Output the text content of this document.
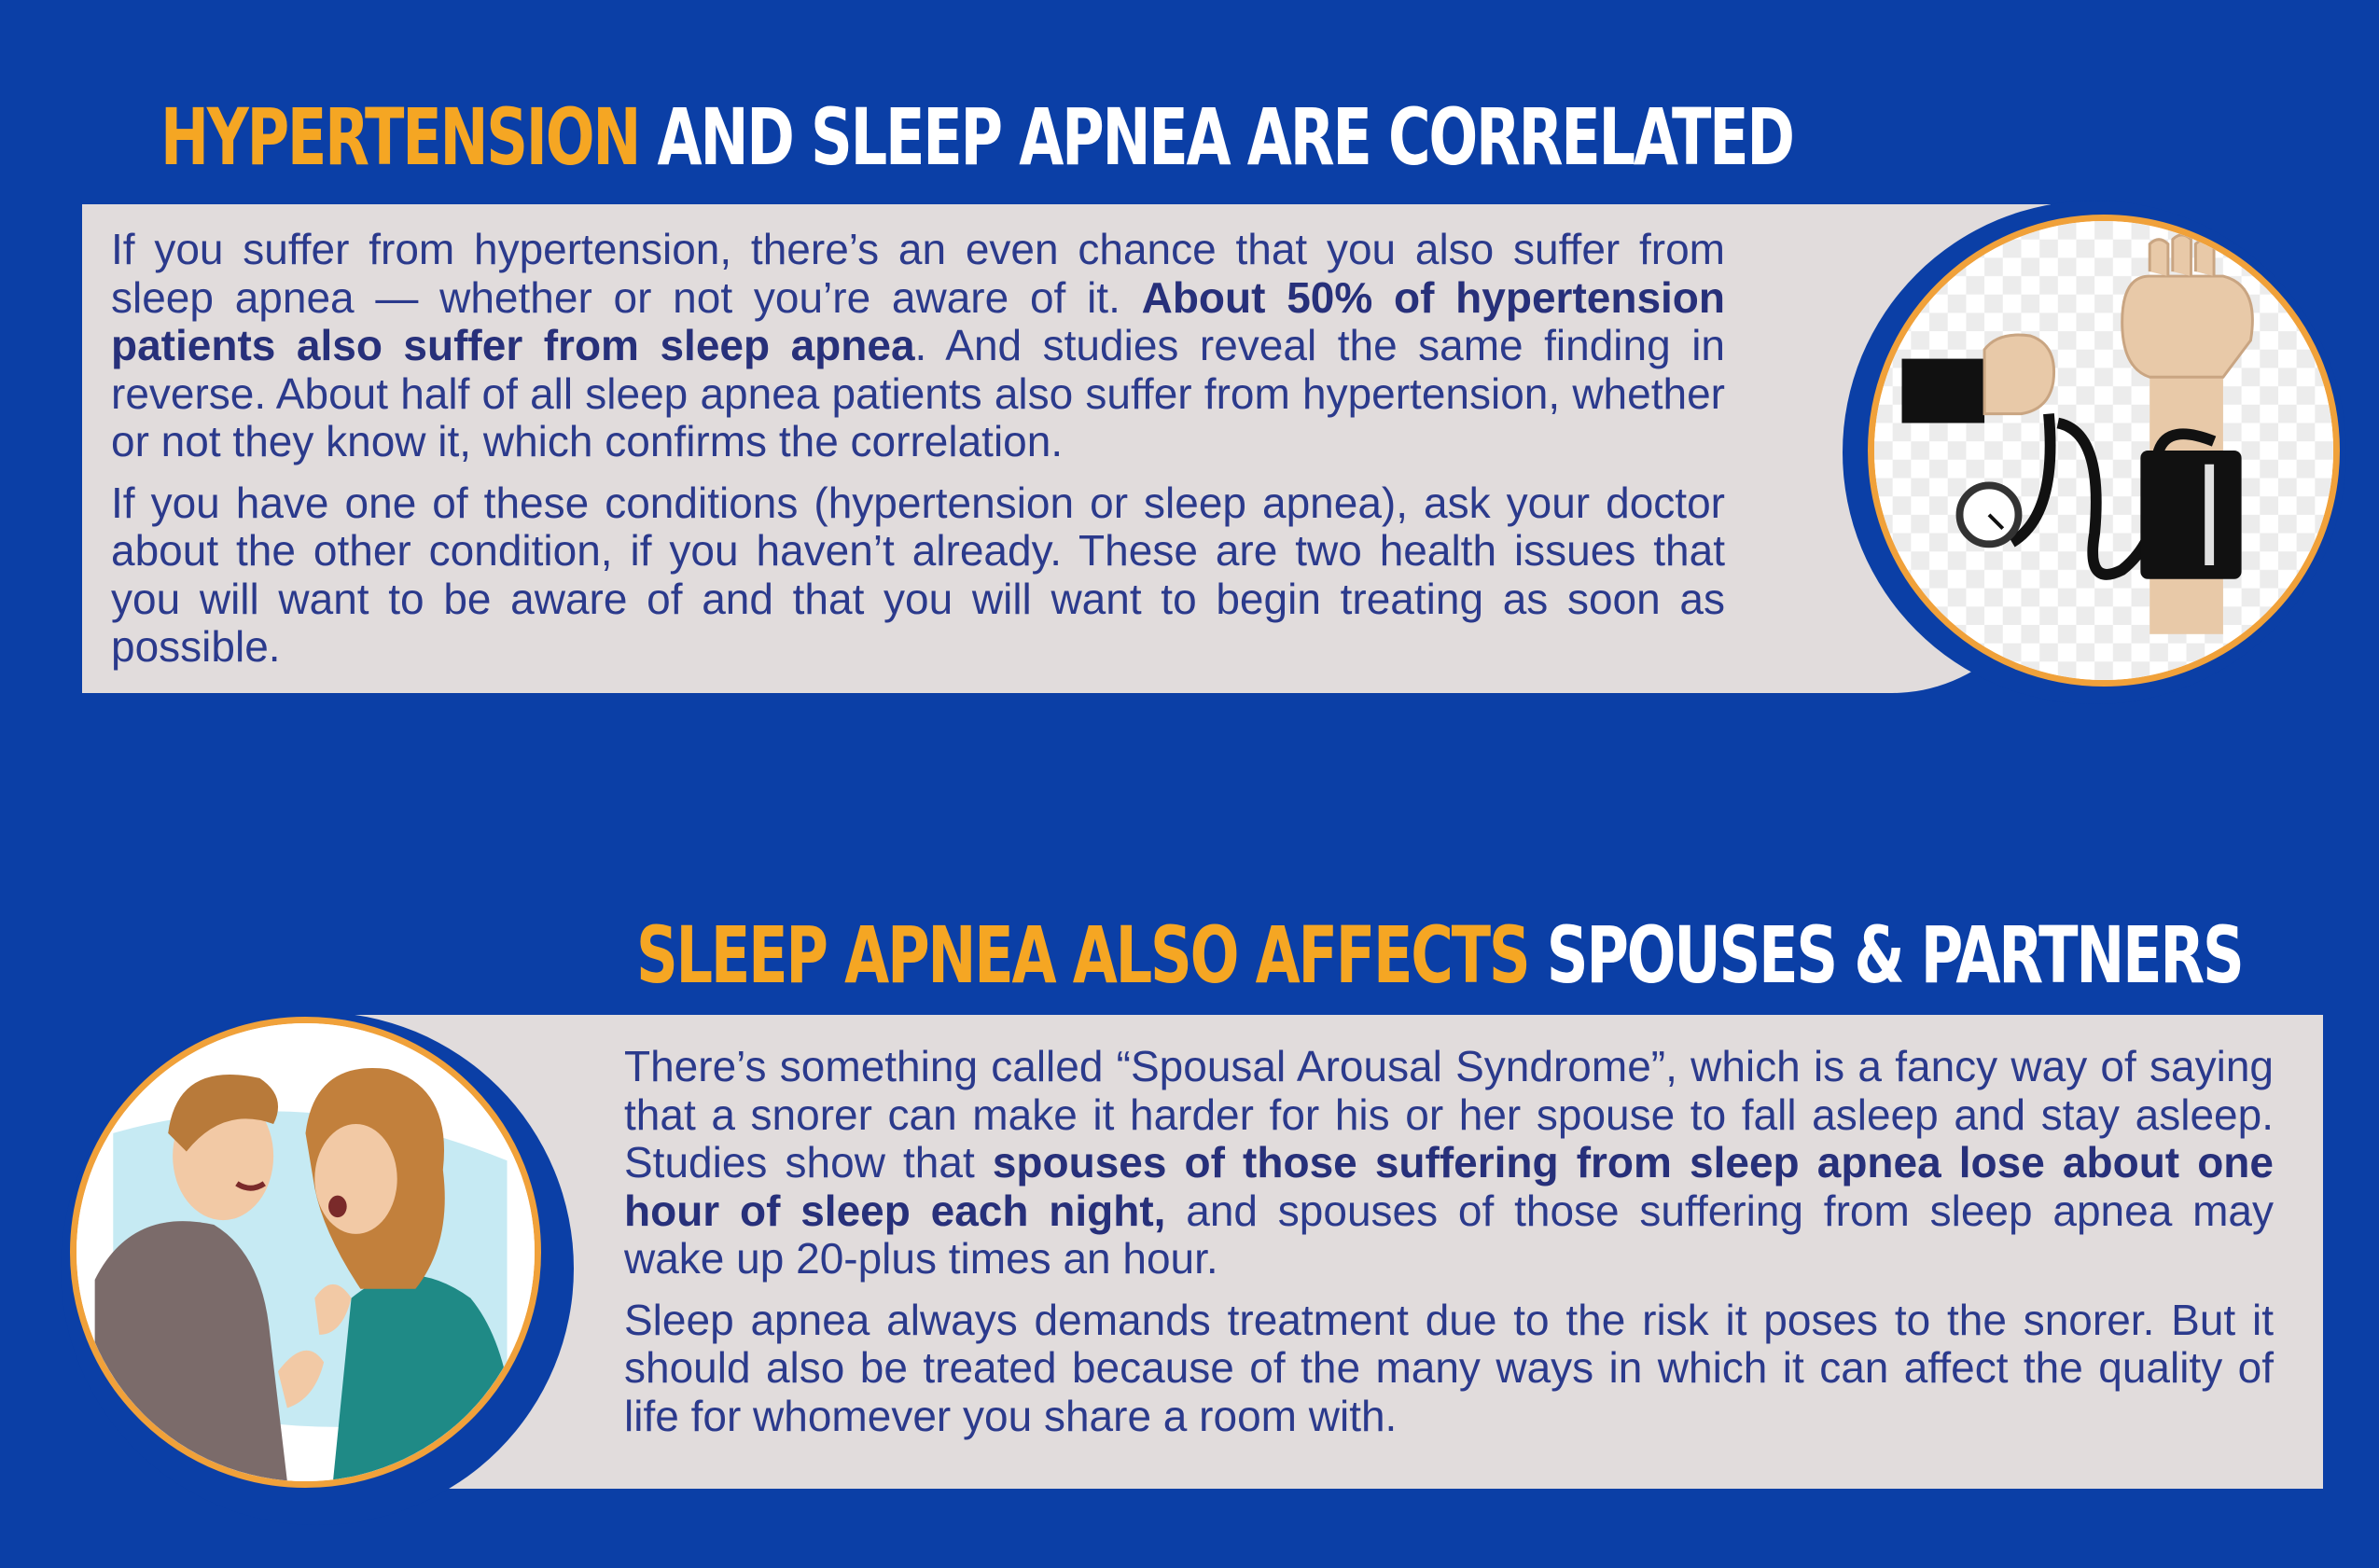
HYPERTENSION AND SLEEP APNEA ARE CORRELATED

If you suffer from hypertension, there’s an even chance that you also suffer from sleep apnea — whether or not you’re aware of it. About 50% of hypertension patients also suffer from sleep apnea. And studies reveal the same finding in reverse. About half of all sleep apnea patients also suffer from hypertension, whether or not they know it, which confirms the correlation.

If you have one of these conditions (hypertension or sleep apnea), ask your doctor about the other condition, if you haven’t already. These are two health issues that you will want to be aware of and that you will want to begin treating as soon as possible.

SLEEP APNEA ALSO AFFECTS SPOUSES & PARTNERS

There’s something called “Spousal Arousal Syndrome”, which is a fancy way of saying that a snorer can make it harder for his or her spouse to fall asleep and stay asleep. Studies show that spouses of those suffering from sleep apnea lose about one hour of sleep each night, and spouses of those suffering from sleep apnea may wake up 20-plus times an hour.

Sleep apnea always demands treatment due to the risk it poses to the snorer. But it should also be treated because of the many ways in which it can affect the quality of life for whomever you share a room with.
